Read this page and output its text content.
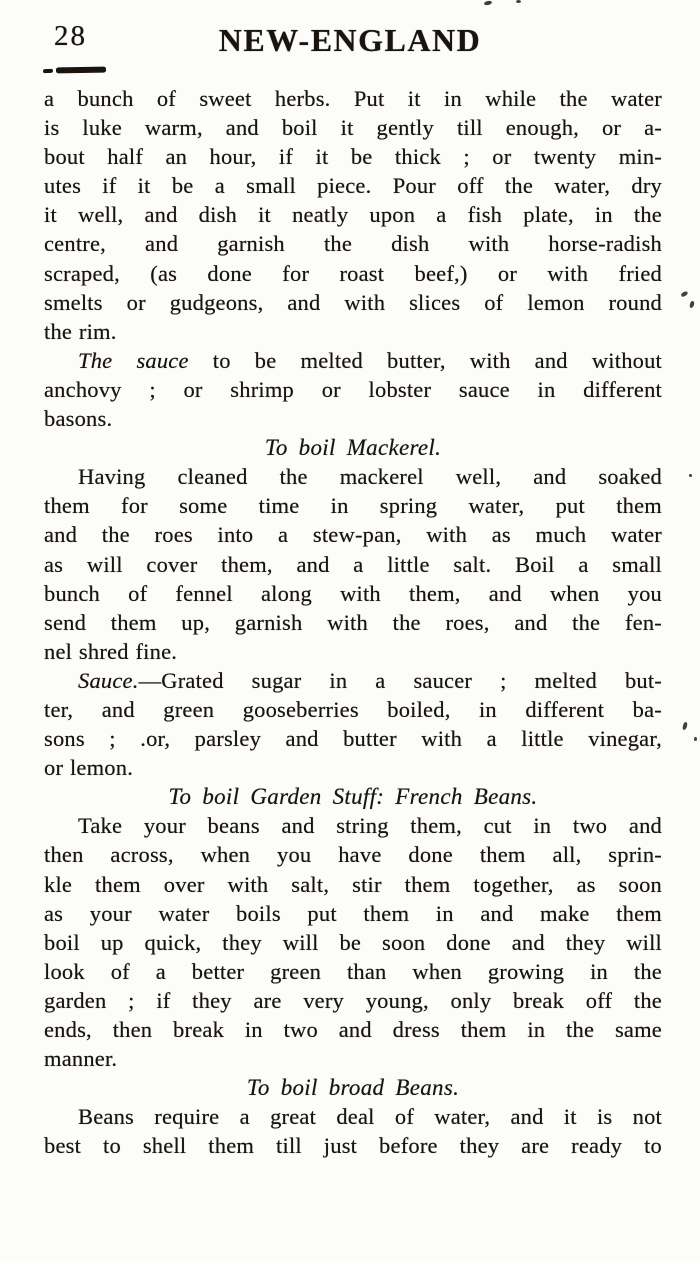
28	NEW-ENGLAND
a bunch of sweet herbs. Put it in while the water
is luke warm, and boil it gently till enough, or a-
bout half an hour, if it be thick ; or twenty min-
utes if it be a small piece. Pour off the water, dry
it well, and dish it neatly upon a fish plate, in the
centre, and garnish the dish with horse-radish
scraped, (as done for roast beef,) or with fried
smelts or gudgeons, and with slices of lemon round
the rim.
The sauce to be melted butter, with and without
anchovy ; or shrimp or lobster sauce in different
basons.
To boil Mackerel.
Having cleaned the mackerel well, and soaked
them for some time in spring water, put them
and the roes into a stew-pan, with as much water
as will cover them, and a little salt. Boil a small
bunch of fennel along with them, and when you
send them up, garnish with the roes, and the fen-
nel shred fine.
Sauce.—Grated sugar in a saucer ; melted but-
ter, and green gooseberries boiled, in different ba-
sons ; .or, parsley and butter with a little vinegar,
or lemon.
To boil Garden Stuff: French Beans.
Take your beans and string them, cut in two and
then across, when you have done them all, sprin-
kle them over with salt, stir them together, as soon
as your water boils put them in and make them
boil up quick, they will be soon done and they will
look of a better green than when growing in the
garden ; if they are very young, only break off the
ends, then break in two and dress them in the same
manner.
To boil broad Beans.
Beans require a great deal of water, and it is not
best to shell them till just before they are ready to
